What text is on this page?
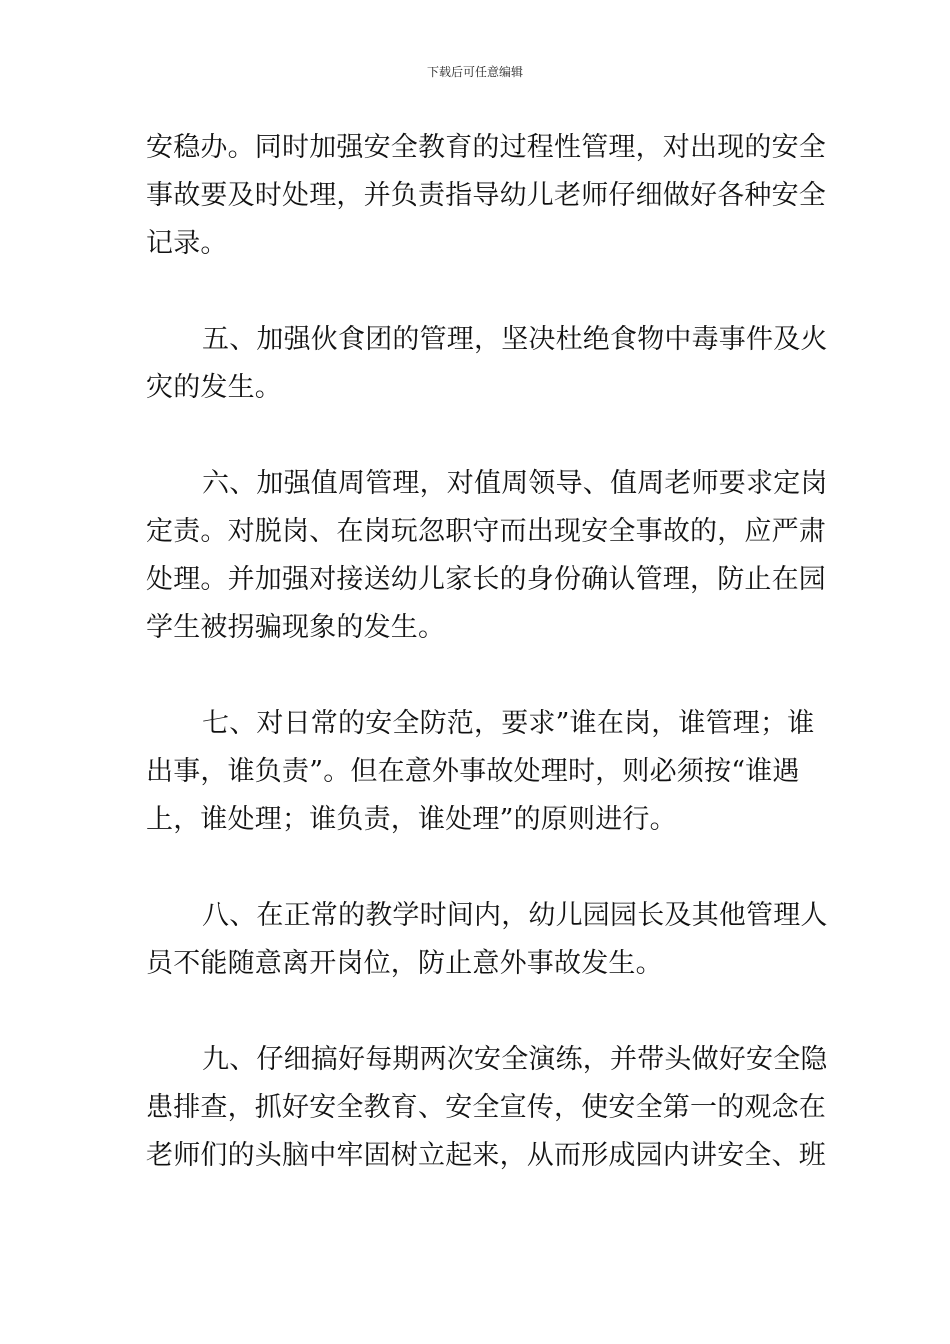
下载后可任意编辑

安稳办。同时加强安全教育的过程性管理，对出现的安全
事故要及时处理，并负责指导幼儿老师仔细做好各种安全
记录。

五、加强伙食团的管理，坚决杜绝食物中毒事件及火
灾的发生。

六、加强值周管理，对值周领导、值周老师要求定岗
定责。对脱岗、在岗玩忽职守而出现安全事故的，应严肃
处理。并加强对接送幼儿家长的身份确认管理，防止在园
学生被拐骗现象的发生。

七、对日常的安全防范，要求”谁在岗，谁管理；谁
出事，谁负责”。但在意外事故处理时，则必须按“谁遇
上，谁处理；谁负责，谁处理”的原则进行。

八、在正常的教学时间内，幼儿园园长及其他管理人
员不能随意离开岗位，防止意外事故发生。

九、仔细搞好每期两次安全演练，并带头做好安全隐
患排查，抓好安全教育、安全宣传，使安全第一的观念在
老师们的头脑中牢固树立起来，从而形成园内讲安全、班
